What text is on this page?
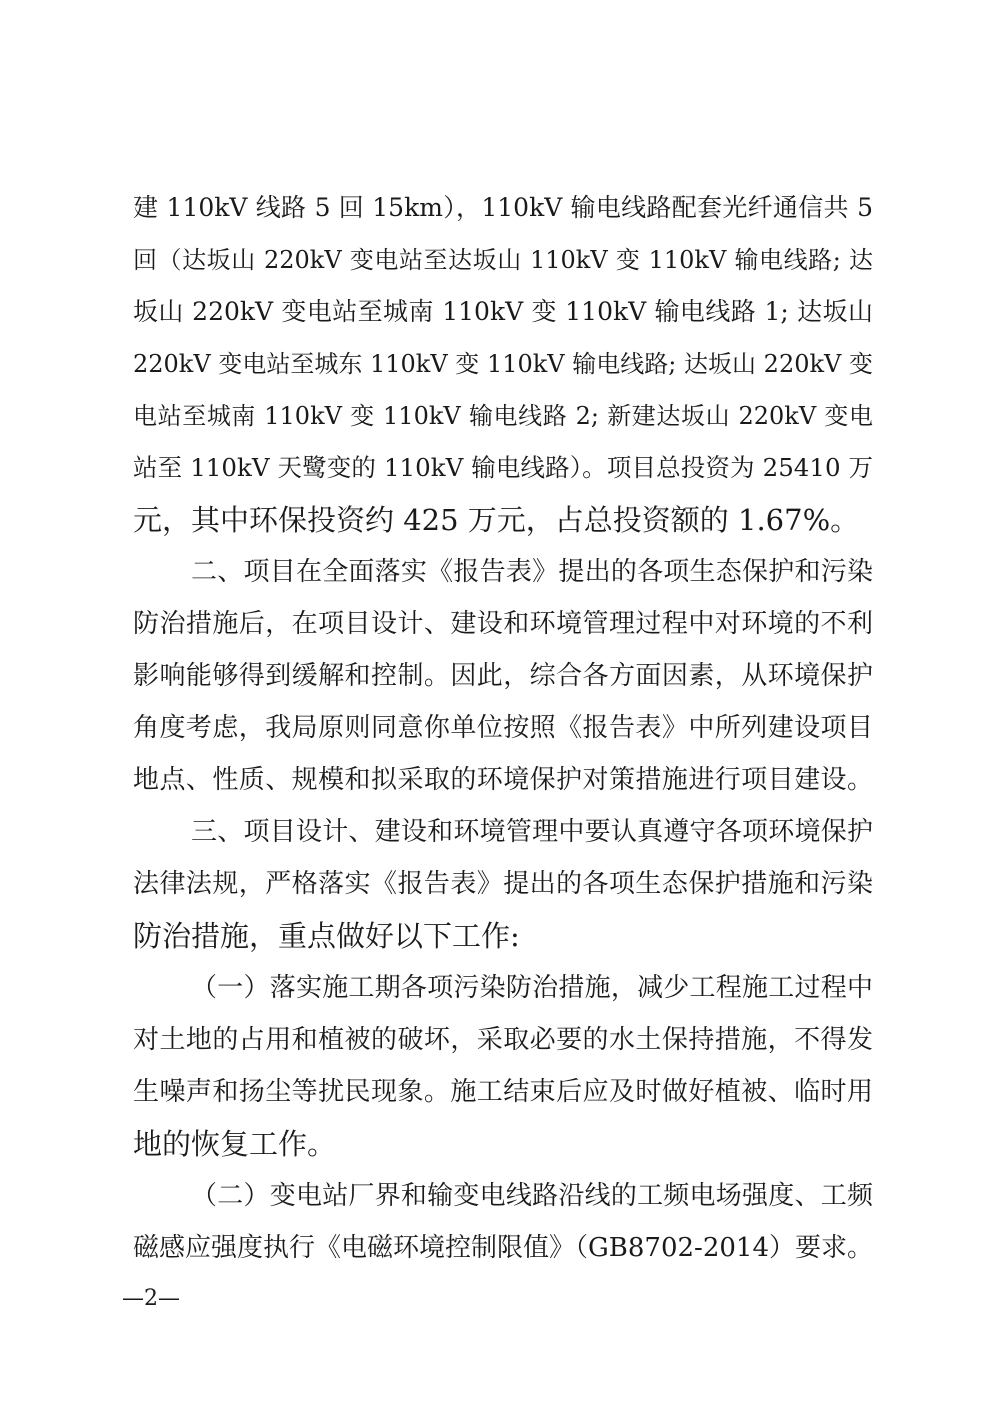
建 110kV 线路 5 回 15km），110kV 输电线路配套光纤通信共 5
回（达坂山 220kV 变电站至达坂山 110kV 变 110kV 输电线路; 达
坂山 220kV 变电站至城南 110kV 变 110kV 输电线路 1; 达坂山
220kV 变电站至城东 110kV 变 110kV 输电线路; 达坂山 220kV 变
电站至城南 110kV 变 110kV 输电线路 2; 新建达坂山 220kV 变电
站至 110kV 天鹭变的 110kV 输电线路）。项目总投资为 25410 万
元，其中环保投资约 425 万元，占总投资额的 1.67%。
二、项目在全面落实《报告表》提出的各项生态保护和污染
防治措施后，在项目设计、建设和环境管理过程中对环境的不利
影响能够得到缓解和控制。因此，综合各方面因素，从环境保护
角度考虑，我局原则同意你单位按照《报告表》中所列建设项目
地点、性质、规模和拟采取的环境保护对策措施进行项目建设。
三、项目设计、建设和环境管理中要认真遵守各项环境保护
法律法规，严格落实《报告表》提出的各项生态保护措施和污染
防治措施，重点做好以下工作:
（一）落实施工期各项污染防治措施，减少工程施工过程中
对土地的占用和植被的破坏，采取必要的水土保持措施，不得发
生噪声和扬尘等扰民现象。施工结束后应及时做好植被、临时用
地的恢复工作。
（二）变电站厂界和输变电线路沿线的工频电场强度、工频
磁感应强度执行《电磁环境控制限值》（GB8702-2014）要求。
—2—
